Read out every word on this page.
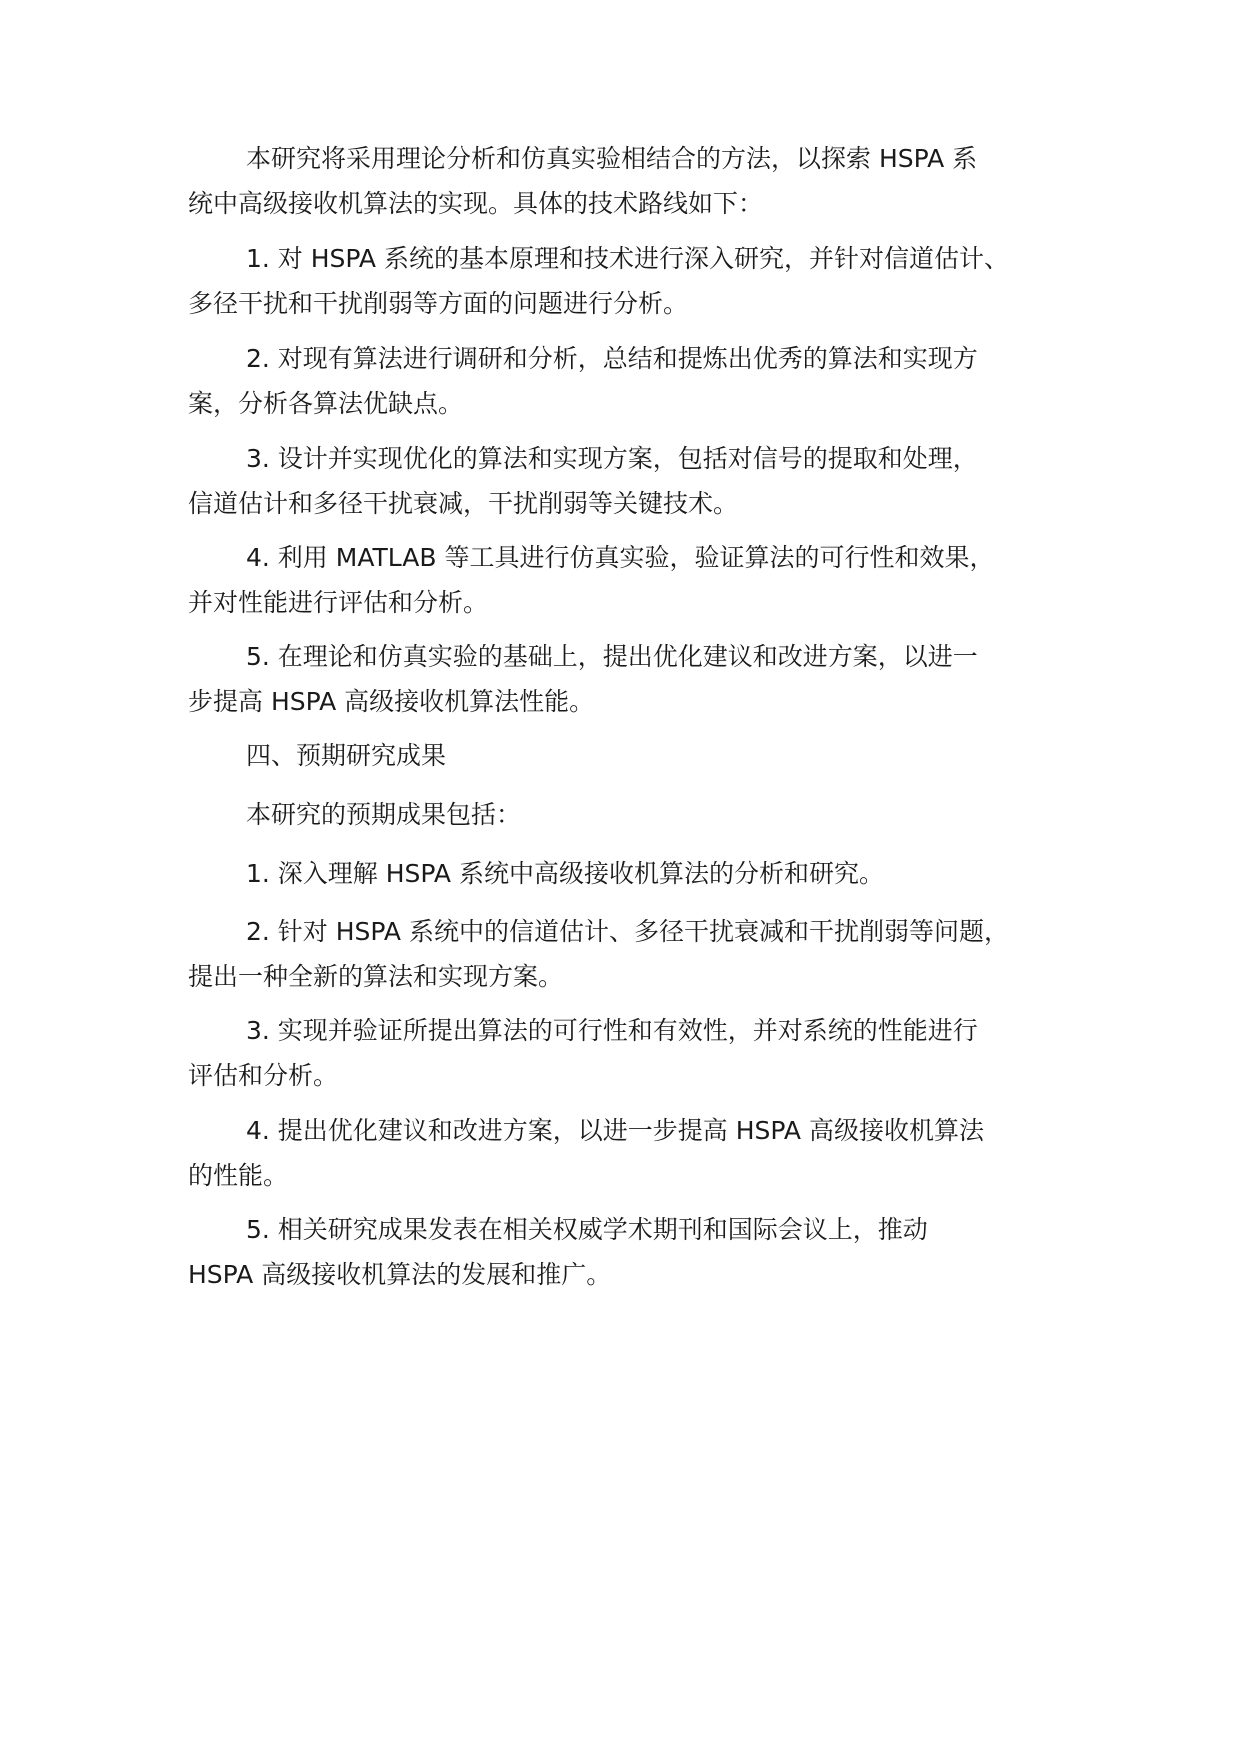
本研究将采用理论分析和仿真实验相结合的方法，以探索 HSPA 系
统中高级接收机算法的实现。具体的技术路线如下：

1. 对 HSPA 系统的基本原理和技术进行深入研究，并针对信道估计、
多径干扰和干扰削弱等方面的问题进行分析。

2. 对现有算法进行调研和分析，总结和提炼出优秀的算法和实现方
案，分析各算法优缺点。

3. 设计并实现优化的算法和实现方案，包括对信号的提取和处理，
信道估计和多径干扰衰减，干扰削弱等关键技术。

4. 利用 MATLAB 等工具进行仿真实验，验证算法的可行性和效果，
并对性能进行评估和分析。

5. 在理论和仿真实验的基础上，提出优化建议和改进方案，以进一
步提高 HSPA 高级接收机算法性能。

四、预期研究成果

本研究的预期成果包括：

1. 深入理解 HSPA 系统中高级接收机算法的分析和研究。

2. 针对 HSPA 系统中的信道估计、多径干扰衰减和干扰削弱等问题，
提出一种全新的算法和实现方案。

3. 实现并验证所提出算法的可行性和有效性，并对系统的性能进行
评估和分析。

4. 提出优化建议和改进方案，以进一步提高 HSPA 高级接收机算法
的性能。

5. 相关研究成果发表在相关权威学术期刊和国际会议上，推动
HSPA 高级接收机算法的发展和推广。
